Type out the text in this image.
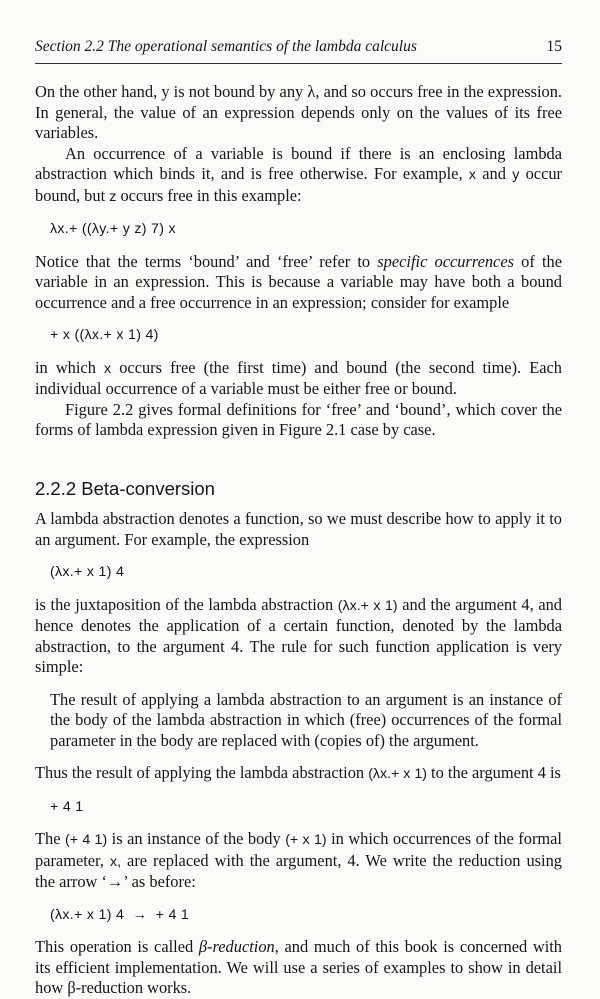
Section 2.2 The operational semantics of the lambda calculus	15

On the other hand, y is not bound by any λ, and so occurs free in the expression. In general, the value of an expression depends only on the values of its free variables.

An occurrence of a variable is bound if there is an enclosing lambda abstraction which binds it, and is free otherwise. For example, x and y occur bound, but z occurs free in this example:

λx.+ ((λy.+ y z) 7) x

Notice that the terms ‘bound’ and ‘free’ refer to specific occurrences of the variable in an expression. This is because a variable may have both a bound occurrence and a free occurrence in an expression; consider for example

+ x ((λx.+ x 1) 4)

in which x occurs free (the first time) and bound (the second time). Each individual occurrence of a variable must be either free or bound.

Figure 2.2 gives formal definitions for ‘free’ and ‘bound’, which cover the forms of lambda expression given in Figure 2.1 case by case.

2.2.2 Beta-conversion

A lambda abstraction denotes a function, so we must describe how to apply it to an argument. For example, the expression

(λx.+ x 1) 4

is the juxtaposition of the lambda abstraction (λx.+ x 1) and the argument 4, and hence denotes the application of a certain function, denoted by the lambda abstraction, to the argument 4. The rule for such function application is very simple:

The result of applying a lambda abstraction to an argument is an instance of the body of the lambda abstraction in which (free) occurrences of the formal parameter in the body are replaced with (copies of) the argument.

Thus the result of applying the lambda abstraction (λx.+ x 1) to the argument 4 is

+ 4 1

The (+ 4 1) is an instance of the body (+ x 1) in which occurrences of the formal parameter, x, are replaced with the argument, 4. We write the reduction using the arrow ‘→’ as before:

(λx.+ x 1) 4  →  + 4 1

This operation is called β-reduction, and much of this book is concerned with its efficient implementation. We will use a series of examples to show in detail how β-reduction works.
